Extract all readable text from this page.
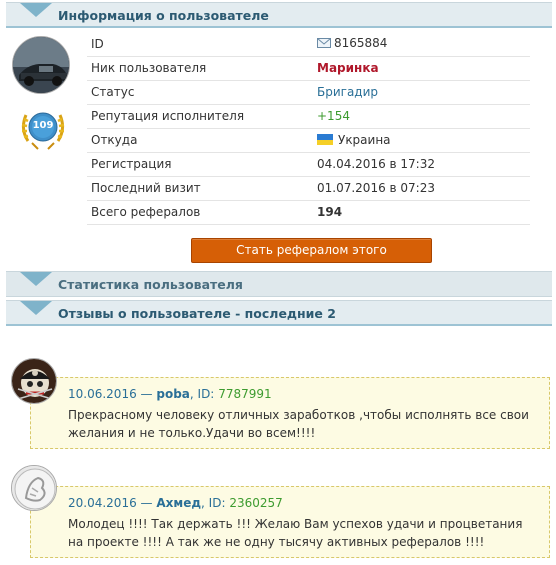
Информация о пользователе
109
ID	8165884
Ник пользователя	Маринка
Статус	Бригадир
Репутация исполнителя	+154
Откуда	Украина
Регистрация	04.04.2016 в 17:32
Последний визит	01.07.2016 в 07:23
Всего рефералов	194
Стать рефералом этого
Статистика пользователя
Отзывы о пользователе - последние 2
10.06.2016 — poba, ID: 7787991
Прекрасному человеку отличных заработков ,чтобы исполнять все свои желания и не только.Удачи во всем!!!!
20.04.2016 — Ахмед, ID: 2360257
Молодец !!!! Так держать !!! Желаю Вам успехов удачи и процветания на проекте !!!! А так же не одну тысячу активных рефералов !!!!
